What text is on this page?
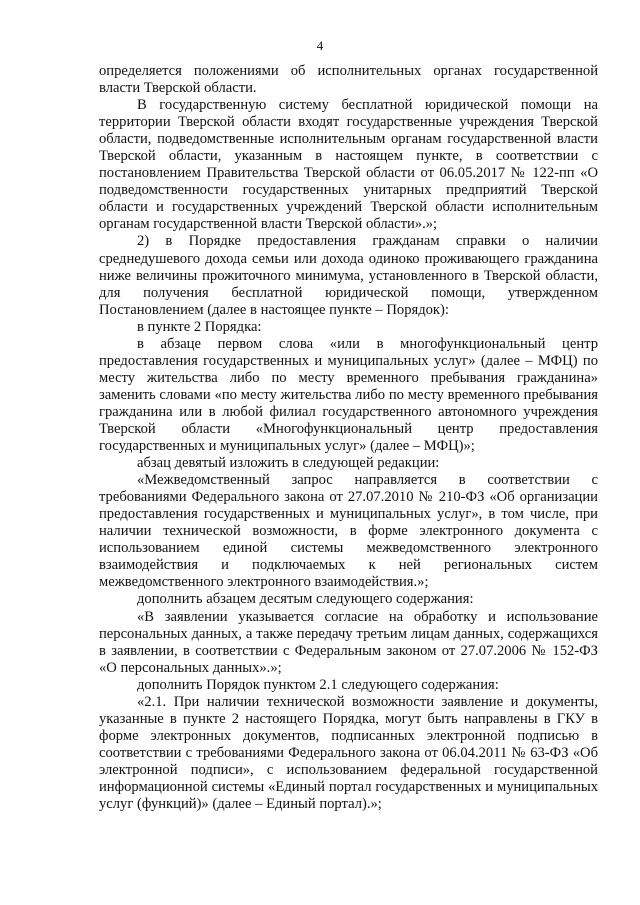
4

определяется положениями об исполнительных органах государственной власти Тверской области.

В государственную систему бесплатной юридической помощи на территории Тверской области входят государственные учреждения Тверской области, подведомственные исполнительным органам государственной власти Тверской области, указанным в настоящем пункте, в соответствии с постановлением Правительства Тверской области от 06.05.2017 № 122-пп «О подведомственности государственных унитарных предприятий Тверской области и государственных учреждений Тверской области исполнительным органам государственной власти Тверской области».»;

2) в Порядке предоставления гражданам справки о наличии среднедушевого дохода семьи или дохода одиноко проживающего гражданина ниже величины прожиточного минимума, установленного в Тверской области, для получения бесплатной юридической помощи, утвержденном Постановлением (далее в настоящее пункте – Порядок):

в пункте 2 Порядка:

в абзаце первом слова «или в многофункциональный центр предоставления государственных и муниципальных услуг» (далее – МФЦ) по месту жительства либо по месту временного пребывания гражданина» заменить словами «по месту жительства либо по месту временного пребывания гражданина или в любой филиал государственного автономного учреждения Тверской области «Многофункциональный центр предоставления государственных и муниципальных услуг» (далее – МФЦ)»;

абзац девятый изложить в следующей редакции:

«Межведомственный запрос направляется в соответствии с требованиями Федерального закона от 27.07.2010 № 210-ФЗ «Об организации предоставления государственных и муниципальных услуг», в том числе, при наличии технической возможности, в форме электронного документа с использованием единой системы межведомственного электронного взаимодействия и подключаемых к ней региональных систем межведомственного электронного взаимодействия.»;

дополнить абзацем десятым следующего содержания:

«В заявлении указывается согласие на обработку и использование персональных данных, а также передачу третьим лицам данных, содержащихся в заявлении, в соответствии с Федеральным законом от 27.07.2006 № 152-ФЗ «О персональных данных».»;

дополнить Порядок пунктом 2.1 следующего содержания:

«2.1. При наличии технической возможности заявление и документы, указанные в пункте 2 настоящего Порядка, могут быть направлены в ГКУ в форме электронных документов, подписанных электронной подписью в соответствии с требованиями Федерального закона от 06.04.2011 № 63-ФЗ «Об электронной подписи», с использованием федеральной государственной информационной системы «Единый портал государственных и муниципальных услуг (функций)» (далее – Единый портал).»;
